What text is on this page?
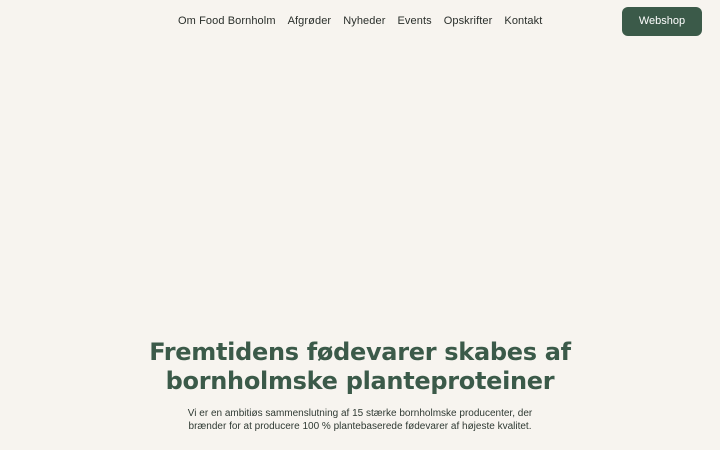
Om Food Bornholm Afgrøder Nyheder Events Opskrifter Kontakt	Webshop
Fremtidens fødevarer skabes af
bornholmske planteproteiner

Vi er en ambitiøs sammenslutning af 15 stærke bornholmske producenter, der brænder for at producere 100 % plantebaserede fødevarer af højeste kvalitet.
